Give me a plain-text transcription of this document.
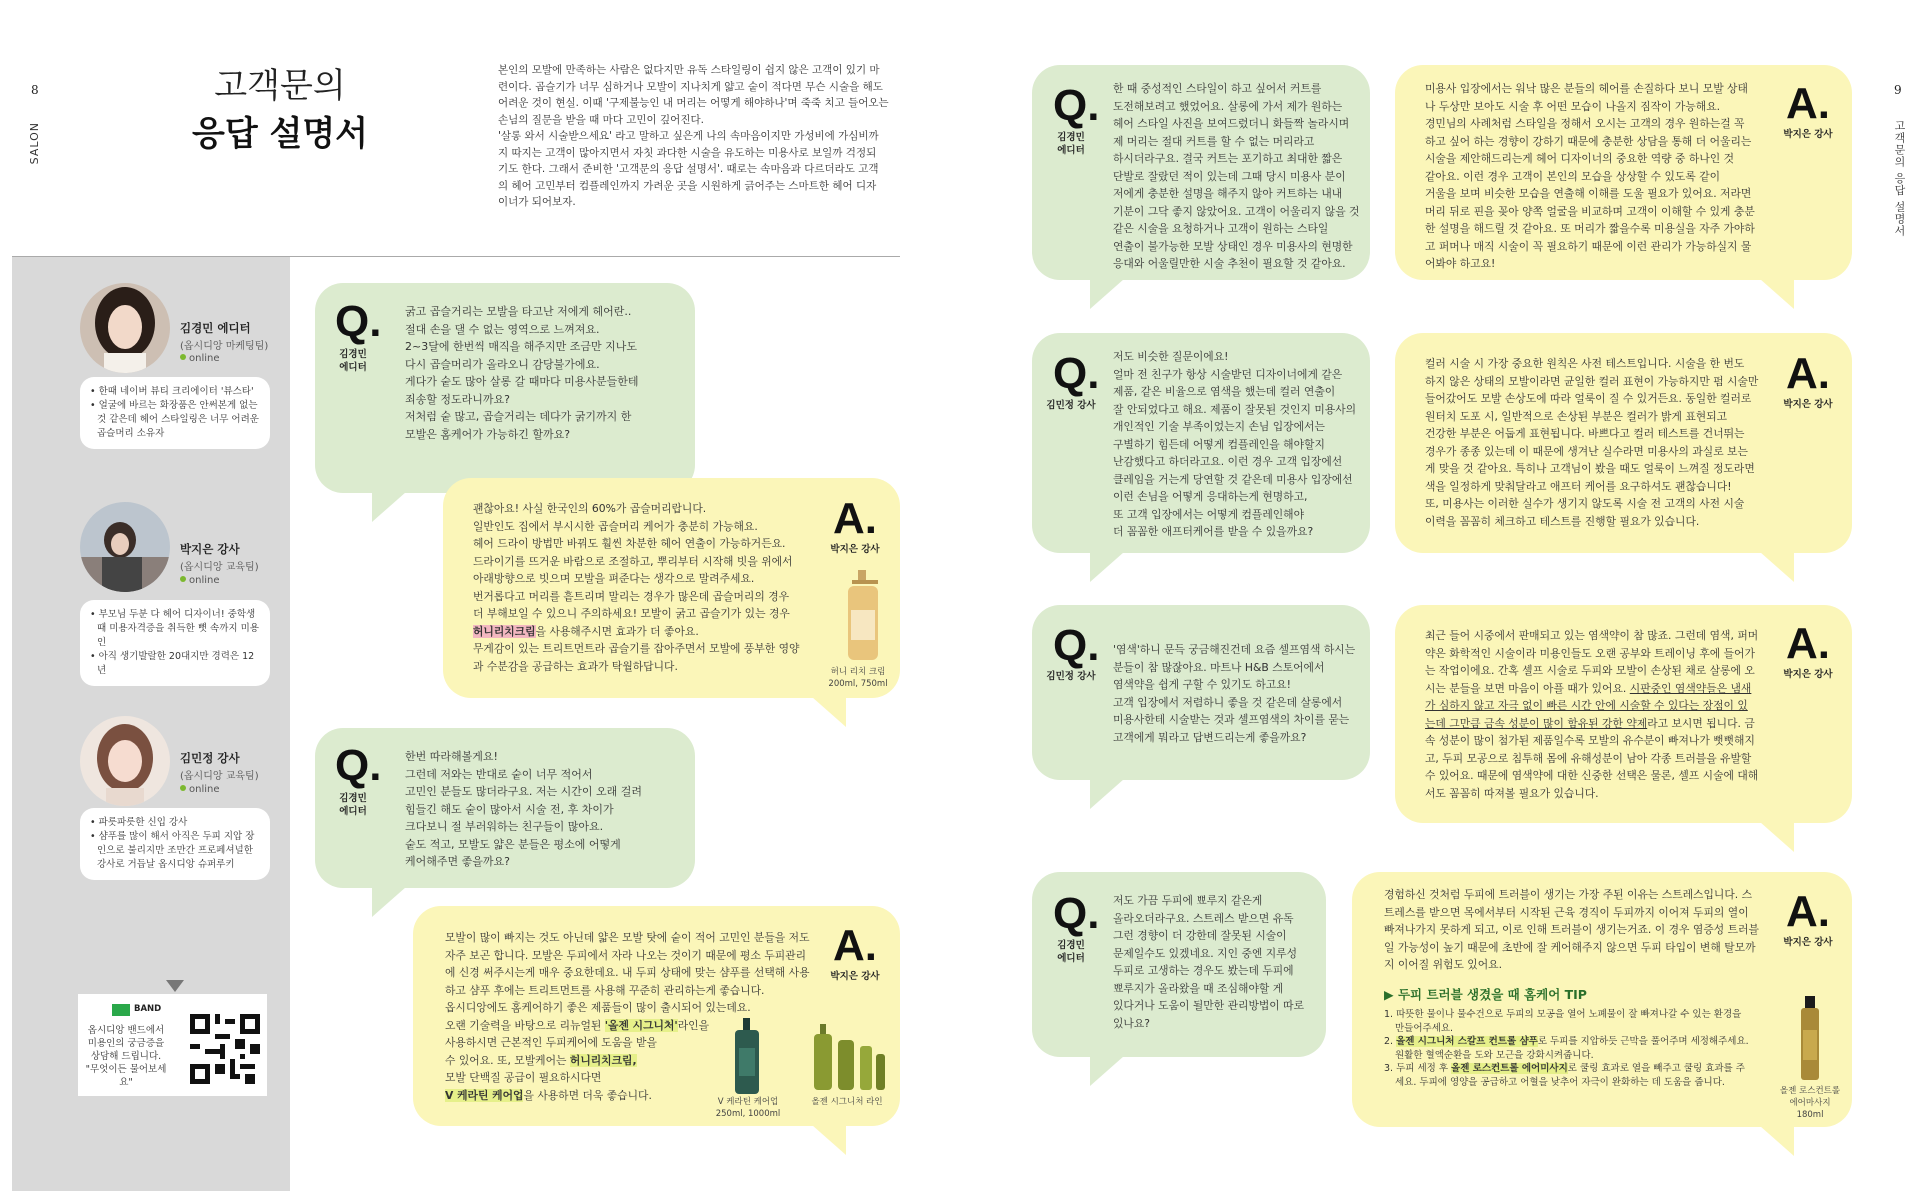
8
SALON
9
고객문의 응답 설명서
고객문의
응답 설명서
본인의 모발에 만족하는 사람은 없다지만 유독 스타일링이 쉽지 않은 고객이 있기 마
련이다. 곱슬기가 너무 심하거나 모발이 지나치게 얇고 숱이 적다면 무슨 시술을 해도
어려운 것이 현실. 이때 '구제불능인 내 머리는 어떻게 해야하나'며 죽죽 치고 들어오는
손님의 질문을 받을 때 마다 고민이 깊어진다.
'살롱 와서 시술받으세요' 라고 말하고 싶은게 나의 속마음이지만 가성비에 가심비까
지 따지는 고객이 많아지면서 자칫 과다한 시술을 유도하는 미용사로 보일까 걱정되
기도 한다. 그래서 준비한 '고객문의 응답 설명서'. 때로는 속마음과 다르더라도 고객
의 헤어 고민부터 컴플레인까지 가려운 곳을 시원하게 긁어주는 스마트한 헤어 디자
이너가 되어보자.
김경민 에디터
(옵시디앙 마케팅팀)
online
• 한때 네이버 뷰티 크리에이터 '뷰스타'
• 얼굴에 바르는 화장품은 안써본게 없는 것 같은데 헤어 스타일링은 너무 어려운 곱슬머리 소유자
박지은 강사
(옵시디앙 교육팀)
online
• 부모님 두분 다 헤어 디자이너! 중학생 때 미용자격증을 취득한 뼛 속까지 미용인
• 아직 생기발랄한 20대지만 경력은 12년
김민정 강사
(옵시디앙 교육팀)
online
• 파릇파릇한 신입 강사
• 샴푸를 많이 해서 아직은 두피 지압 장인으로 불리지만 조만간 프로페셔널한 강사로 거듭날 옵시디앙 슈퍼루키
BAND
옵시디앙 밴드에서
미용인의 궁금증을
상담해 드립니다.
"무엇이든 물어보세요"
Q.
김경민
에디터
굵고 곱슬거리는 모발을 타고난 저에게 헤어란..
절대 손을 댈 수 없는 영역으로 느껴져요.
2~3달에 한번씩 매직을 해주지만 조금만 지나도
다시 곱슬머리가 올라오니 감당불가에요.
게다가 숱도 많아 살롱 갈 때마다 미용사분들한테
죄송할 정도라니까요?
저처럼 숱 많고, 곱슬거리는 데다가 굵기까지 한
모발은 홈케어가 가능하긴 할까요?
괜찮아요! 사실 한국인의 60%가 곱슬머리랍니다.
일반인도 집에서 부시시한 곱슬머리 케어가 충분히 가능해요.
헤어 드라이 방법만 바꿔도 훨씬 차분한 헤어 연출이 가능하거든요.
드라이기를 뜨거운 바람으로 조절하고, 뿌리부터 시작해 빗을 위에서
아래방향으로 빗으며 모발을 펴준다는 생각으로 말려주세요.
번거롭다고 머리를 흩트리며 말리는 경우가 많은데 곱슬머리의 경우
더 부해보일 수 있으니 주의하세요! 모발이 굵고 곱슬기가 있는 경우
허니리치크림을 사용해주시면 효과가 더 좋아요.
무게감이 있는 트리트먼트라 곱슬기를 잡아주면서 모발에 풍부한 영양
과 수분감을 공급하는 효과가 탁월하답니다.
A.
박지은 강사
허니 리치 크림
200ml, 750ml
Q.
김경민
에디터
한번 따라해볼게요!
그런데 저와는 반대로 숱이 너무 적어서
고민인 분들도 많더라구요. 저는 시간이 오래 걸려
힘들긴 해도 숱이 많아서 시술 전, 후 차이가
크다보니 절 부러워하는 친구들이 많아요.
숱도 적고, 모발도 얇은 분들은 평소에 어떻게
케어해주면 좋을까요?
모발이 많이 빠지는 것도 아닌데 얇은 모발 탓에 숱이 적어 고민인 분들을 저도
자주 보곤 합니다. 모발은 두피에서 자라 나오는 것이기 때문에 평소 두피관리
에 신경 써주시는게 매우 중요한데요. 내 두피 상태에 맞는 샴푸를 선택해 사용
하고 샴푸 후에는 트리트먼트를 사용해 꾸준히 관리하는게 좋습니다.
옵시디앙에도 홈케어하기 좋은 제품들이 많이 출시되어 있는데요.
오랜 기술력을 바탕으로 리뉴얼된 '올젠 시그니처'라인을
사용하시면 근본적인 두피케어에 도움을 받을
수 있어요. 또, 모발케어는 허니리치크림,
모발 단백질 공급이 필요하시다면
V 케라틴 케어업을 사용하면 더욱 좋습니다.
A.
박지은 강사
V 케라틴 케어업
250ml, 1000ml
올젠 시그니처 라인
Q.
김경민
에디터
한 때 중성적인 스타일이 하고 싶어서 커트를
도전해보려고 했었어요. 살롱에 가서 제가 원하는
헤어 스타일 사진을 보여드렸더니 화들짝 놀라시며
제 머리는 절대 커트를 할 수 없는 머리라고
하시더라구요. 결국 커트는 포기하고 최대한 짧은
단발로 잘랐던 적이 있는데 그때 당시 미용사 분이
저에게 충분한 설명을 해주지 않아 커트하는 내내
기분이 그닥 좋지 않았어요. 고객이 어울리지 않을 것
같은 시술을 요청하거나 고객이 원하는 스타일
연출이 불가능한 모발 상태인 경우 미용사의 현명한
응대와 어울릴만한 시술 추천이 필요할 것 같아요.
미용사 입장에서는 워낙 많은 분들의 헤어를 손질하다 보니 모발 상태
나 두상만 보아도 시술 후 어떤 모습이 나올지 짐작이 가능해요.
경민님의 사례처럼 스타일을 정해서 오시는 고객의 경우 원하는걸 꼭
하고 싶어 하는 경향이 강하기 때문에 충분한 상담을 통해 더 어울리는
시술을 제안해드리는게 헤어 디자이너의 중요한 역량 중 하나인 것
같아요. 이런 경우 고객이 본인의 모습을 상상할 수 있도록 같이
거울을 보며 비슷한 모습을 연출해 이해를 도울 필요가 있어요. 저라면
머리 뒤로 핀을 꽂아 양쪽 얼굴을 비교하며 고객이 이해할 수 있게 충분
한 설명을 해드릴 것 같아요. 또 머리가 짧을수록 미용실을 자주 가야하
고 퍼머나 매직 시술이 꼭 필요하기 때문에 이런 관리가 가능하실지 물
어봐야 하고요!
A.
박지은 강사
Q.
김민정 강사
저도 비슷한 질문이에요!
얼마 전 친구가 항상 시술받던 디자이너에게 같은
제품, 같은 비율으로 염색을 했는데 컬러 연출이
잘 안되었다고 해요. 제품이 잘못된 것인지 미용사의
개인적인 기술 부족이었는지 손님 입장에서는
구별하기 힘든데 어떻게 컴플레인을 해야할지
난감했다고 하더라고요. 이런 경우 고객 입장에선
클레임을 거는게 당연할 것 같은데 미용사 입장에선
이런 손님을 어떻게 응대하는게 현명하고,
또 고객 입장에서는 어떻게 컴플레인해야
더 꼼꼼한 애프터케어를 받을 수 있을까요?
컬러 시술 시 가장 중요한 원칙은 사전 테스트입니다. 시술을 한 번도
하지 않은 상태의 모발이라면 균일한 컬러 표현이 가능하지만 펌 시술만
들어갔어도 모발 손상도에 따라 얼룩이 질 수 있거든요. 동일한 컬러로
원터치 도포 시, 일반적으로 손상된 부분은 컬러가 밝게 표현되고
건강한 부분은 어둡게 표현됩니다. 바쁘다고 컬러 테스트를 건너뛰는
경우가 종종 있는데 이 때문에 생겨난 실수라면 미용사의 과실로 보는
게 맞을 것 같아요. 특히나 고객님이 봤을 때도 얼룩이 느껴질 정도라면
색을 일정하게 맞춰달라고 애프터 케어를 요구하셔도 괜찮습니다!
또, 미용사는 이러한 실수가 생기지 않도록 시술 전 고객의 사전 시술
이력을 꼼꼼히 체크하고 테스트를 진행할 필요가 있습니다.
A.
박지은 강사
Q.
김민정 강사
'염색'하니 문득 궁금해진건데 요즘 셀프염색 하시는
분들이 참 많잖아요. 마트나 H&B 스토어에서
염색약을 쉽게 구할 수 있기도 하고요!
고객 입장에서 저렴하니 좋을 것 같은데 살롱에서
미용사한테 시술받는 것과 셀프염색의 차이를 묻는
고객에게 뭐라고 답변드리는게 좋을까요?
최근 들어 시중에서 판매되고 있는 염색약이 참 많죠. 그런데 염색, 퍼머
약은 화학적인 시술이라 미용인들도 오랜 공부와 트레이닝 후에 들어가
는 작업이에요. 간혹 셀프 시술로 두피와 모발이 손상된 채로 살롱에 오
시는 분들을 보면 마음이 아플 때가 있어요. 시판중인 염색약들은 냄새
가 심하지 않고 자극 없이 빠른 시간 안에 시술할 수 있다는 장점이 있
는데 그만큼 금속 성분이 많이 함유된 강한 약제라고 보시면 됩니다. 금
속 성분이 많이 첨가된 제품일수록 모발의 유수분이 빠져나가 뻣뻣해지
고, 두피 모공으로 침투해 몸에 유해성분이 남아 각종 트러블을 유발할
수 있어요. 때문에 염색약에 대한 신중한 선택은 물론, 셀프 시술에 대해
서도 꼼꼼히 따져볼 필요가 있습니다.
A.
박지은 강사
Q.
김경민
에디터
저도 가끔 두피에 뾰루지 같은게
올라오더라구요. 스트레스 받으면 유독
그런 경향이 더 강한데 잘못된 시술이
문제일수도 있겠네요. 지인 중엔 지루성
두피로 고생하는 경우도 봤는데 두피에
뾰루지가 올라왔을 때 조심해야할 게
있다거나 도움이 될만한 관리방법이 따로
있나요?
경험하신 것처럼 두피에 트러블이 생기는 가장 주된 이유는 스트레스입니다. 스
트레스를 받으면 목에서부터 시작된 근육 경직이 두피까지 이어져 두피의 열이
빠져나가지 못하게 되고, 이로 인해 트러블이 생기는거죠. 이 경우 염증성 트러블
일 가능성이 높기 때문에 초반에 잘 케어해주지 않으면 두피 타입이 변해 탈모까
지 이어질 위험도 있어요.
▶ 두피 트러블 생겼을 때 홈케어 TIP
1. 따뜻한 물이나 물수건으로 두피의 모공을 열어 노폐물이 잘 빠져나갈 수 있는 환경을 만들어주세요.
2. 올젠 시그니처 스칼프 컨트롤 샴푸로 두피를 지압하듯 근막을 풀어주며 세정해주세요. 원활한 혈액순환을 도와 모근을 강화시켜줍니다.
3. 두피 세정 후 올젠 로스컨트롤 에어미사지로 쿨링 효과로 열을 빼주고 쿨링 효과를 주세요. 두피에 영양을 공급하고 어혈을 낮추어 자극이 완화하는 데 도움을 줍니다.
A.
박지은 강사
올젠 로스컨트롤
에어마사지
180ml
